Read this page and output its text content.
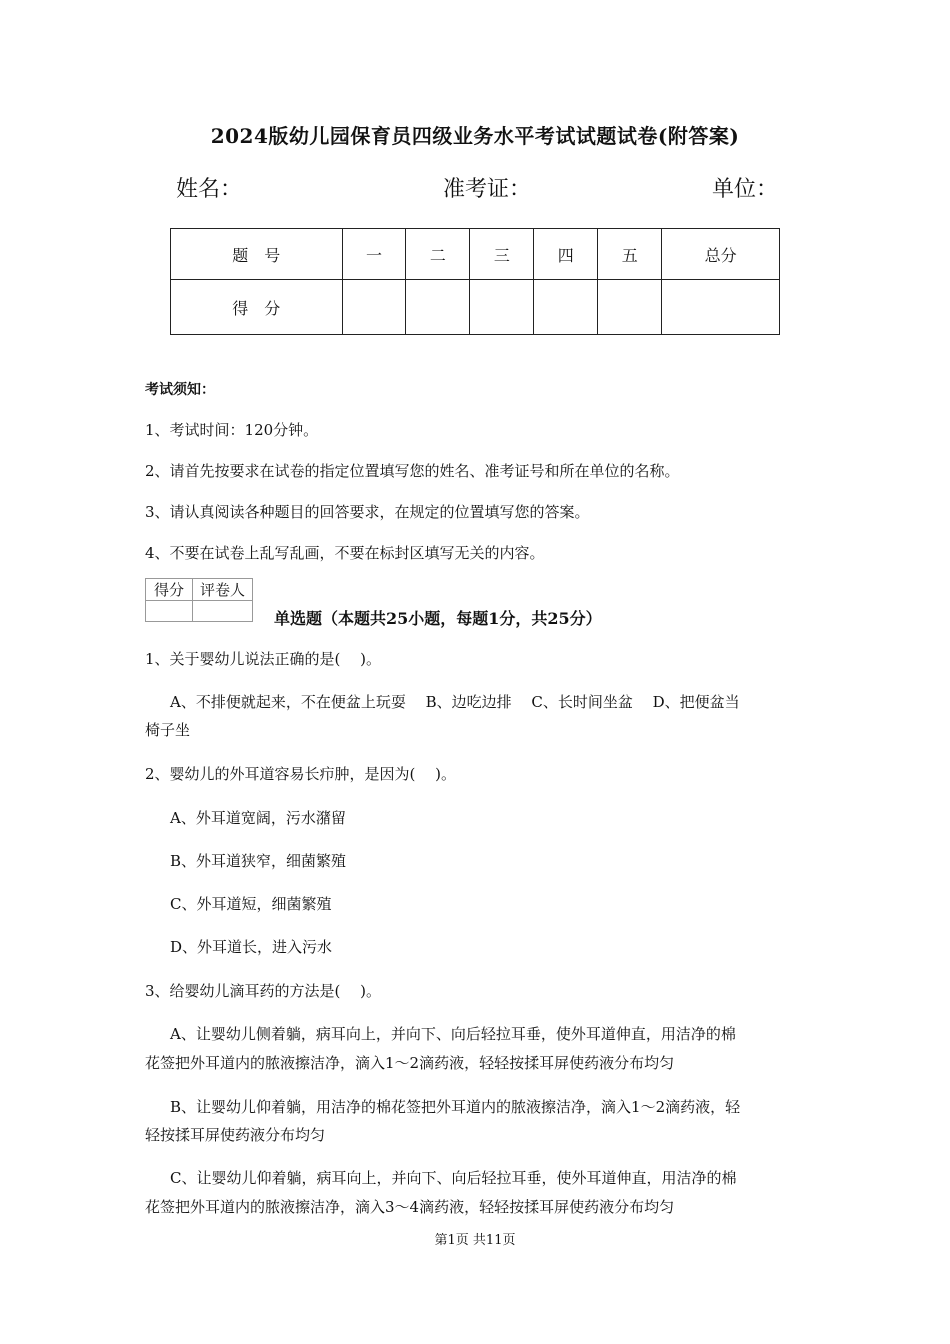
2024版幼儿园保育员四级业务水平考试试题试卷(附答案)
姓名：	准考证：	单位：
题　号	一	二	三	四	五	总分
得　分						
考试须知：
1、考试时间：120分钟。
2、请首先按要求在试卷的指定位置填写您的姓名、准考证号和所在单位的名称。
3、请认真阅读各种题目的回答要求，在规定的位置填写您的答案。
4、不要在试卷上乱写乱画，不要在标封区填写无关的内容。
得分	评卷人

单选题（本题共25小题，每题1分，共25分）
1、关于婴幼儿说法正确的是(　 )。
A、不排便就起来，不在便盆上玩耍　 B、边吃边排　 C、长时间坐盆　 D、把便盆当
椅子坐
2、婴幼儿的外耳道容易长疖肿，是因为(　 )。
A、外耳道宽阔，污水潴留
B、外耳道狭窄，细菌繁殖
C、外耳道短，细菌繁殖
D、外耳道长，进入污水
3、给婴幼儿滴耳药的方法是(　 )。
A、让婴幼儿侧着躺，病耳向上，并向下、向后轻拉耳垂，使外耳道伸直，用洁净的棉
花签把外耳道内的脓液擦洁净，滴入1～2滴药液，轻轻按揉耳屏使药液分布均匀
B、让婴幼儿仰着躺，用洁净的棉花签把外耳道内的脓液擦洁净，滴入1～2滴药液，轻
轻按揉耳屏使药液分布均匀
C、让婴幼儿仰着躺，病耳向上，并向下、向后轻拉耳垂，使外耳道伸直，用洁净的棉
花签把外耳道内的脓液擦洁净，滴入3～4滴药液，轻轻按揉耳屏使药液分布均匀
第1页 共11页
